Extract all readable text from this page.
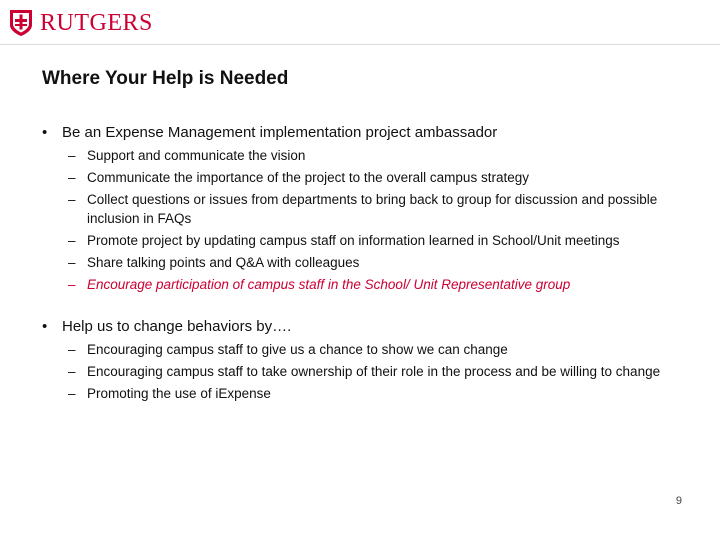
RUTGERS
Where Your Help is Needed
• Be an Expense Management implementation project ambassador
– Support and communicate the vision
– Communicate the importance of the project to the overall campus strategy
– Collect questions or issues from departments to bring back to group for discussion and possible inclusion in FAQs
– Promote project by updating campus staff on information learned in School/Unit meetings
– Share talking points and Q&A with colleagues
– Encourage participation of campus staff in the School/ Unit Representative group
• Help us to change behaviors by….
– Encouraging campus staff to give us a chance to show we can change
– Encouraging campus staff to take ownership of their role in the process and be willing to change
– Promoting the use of iExpense
9
